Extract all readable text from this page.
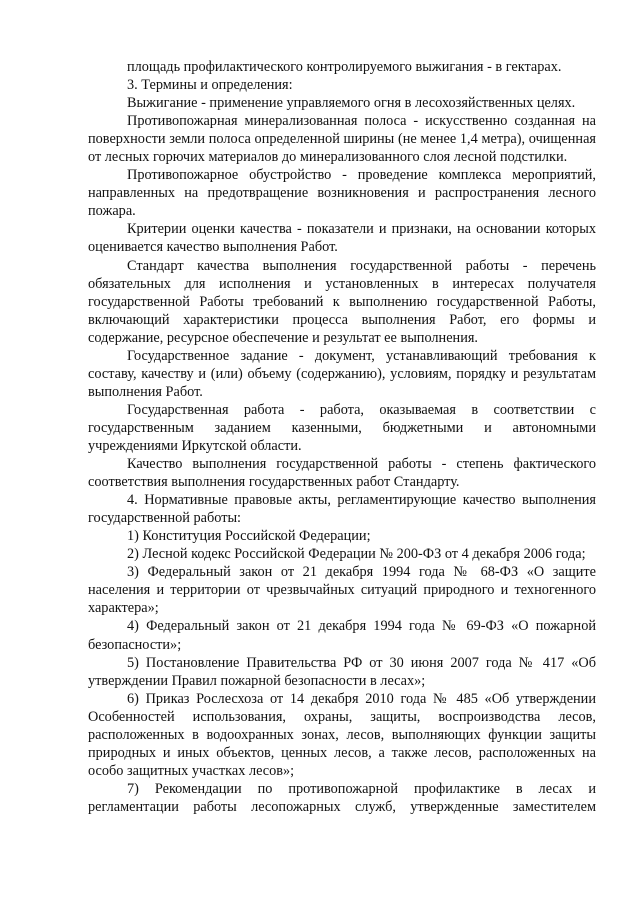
площадь профилактического контролируемого выжигания - в гектарах.

3. Термины и определения:

Выжигание - применение управляемого огня в лесохозяйственных целях.

Противопожарная минерализованная полоса - искусственно созданная на поверхности земли полоса определенной ширины (не менее 1,4 метра), очищенная от лесных горючих материалов до минерализованного слоя лесной подстилки.

Противопожарное обустройство - проведение комплекса мероприятий, направленных на предотвращение возникновения и распространения лесного пожара.

Критерии оценки качества - показатели и признаки, на основании которых оценивается качество выполнения Работ.

Стандарт качества выполнения государственной работы - перечень обязательных для исполнения и установленных в интересах получателя государственной Работы требований к выполнению государственной Работы, включающий характеристики процесса выполнения Работ, его формы и содержание, ресурсное обеспечение и результат ее выполнения.

Государственное задание - документ, устанавливающий требования к составу, качеству и (или) объему (содержанию), условиям, порядку и результатам выполнения Работ.

Государственная работа - работа, оказываемая в соответствии с государственным заданием казенными, бюджетными и автономными учреждениями Иркутской области.

Качество выполнения государственной работы - степень фактического соответствия выполнения государственных работ Стандарту.

4. Нормативные правовые акты, регламентирующие качество выполнения государственной работы:

1) Конституция Российской Федерации;

2) Лесной кодекс Российской Федерации № 200-ФЗ от 4 декабря 2006 года;

3) Федеральный закон от 21 декабря 1994 года № 68-ФЗ «О защите населения и территории от чрезвычайных ситуаций природного и техногенного характера»;

4) Федеральный закон от 21 декабря 1994 года № 69-ФЗ «О пожарной безопасности»;

5) Постановление Правительства РФ от 30 июня 2007 года № 417 «Об утверждении Правил пожарной безопасности в лесах»;

6) Приказ Рослесхоза от 14 декабря 2010 года № 485 «Об утверждении Особенностей использования, охраны, защиты, воспроизводства лесов, расположенных в водоохранных зонах, лесов, выполняющих функции защиты природных и иных объектов, ценных лесов, а также лесов, расположенных на особо защитных участках лесов»;

7) Рекомендации по противопожарной профилактике в лесах и регламентации работы лесопожарных служб, утвержденные заместителем
